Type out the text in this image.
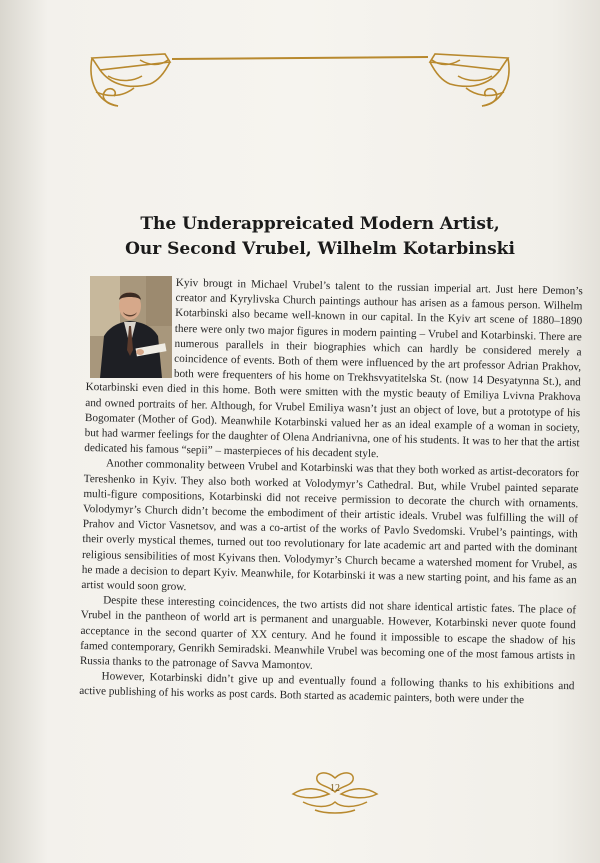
The Underappreicated Modern Artist,
Our Second Vrubel, Wilhelm Kotarbinski

Kyiv brougt in Michael Vrubel’s talent to the russian imperial art. Just here Demon’s creator and Kyrylivska Church paintings authour has arisen as a famous person. Wilhelm Kotarbinski also became well-known in our capital. In the Kyiv art scene of 1880–1890 there were only two major figures in modern painting – Vrubel and Kotarbinski. There are numerous parallels in their biographies which can hardly be considered merely a coincidence of events. Both of them were influenced by the art professor Adrian Prakhov, both were frequenters of his home on Trekhsvyatitelska St. (now 14 Desyatynna St.), and Kotarbinski even died in this home. Both were smitten with the mystic beauty of Emiliya Lvivna Prakhova and owned portraits of her. Although, for Vrubel Emiliya wasn’t just an object of love, but a prototype of his Bogomater (Mother of God). Meanwhile Kotarbinski valued her as an ideal example of a woman in society, but had warmer feelings for the daughter of Olena Andrianivna, one of his students. It was to her that the artist dedicated his famous “sepii” – masterpieces of his decadent style.

Another commonality between Vrubel and Kotarbinski was that they both worked as artist-decorators for Tereshenko in Kyiv. They also both worked at Volodymyr’s Cathedral. But, while Vrubel painted separate multi-figure compositions, Kotarbinski did not receive permission to decorate the church with ornaments. Volodymyr’s Church didn’t become the embodiment of their artistic ideals. Vrubel was fulfilling the will of Prahov and Victor Vasnetsov, and was a co-artist of the works of Pavlo Svedomski. Vrubel’s paintings, with their overly mystical themes, turned out too revolutionary for late academic art and parted with the dominant religious sensibilities of most Kyivans then. Volodymyr’s Church became a watershed moment for Vrubel, as he made a decision to depart Kyiv. Meanwhile, for Kotarbinski it was a new starting point, and his fame as an artist would soon grow.

Despite these interesting coincidences, the two artists did not share identical artistic fates. The place of Vrubel in the pantheon of world art is permanent and unarguable. However, Kotarbinski never quote found acceptance in the second quarter of XX century. And he found it impossible to escape the shadow of his famed contemporary, Genrikh Semiradski. Meanwhile Vrubel was becoming one of the most famous artists in Russia thanks to the patronage of Savva Mamontov.

However, Kotarbinski didn’t give up and eventually found a following thanks to his exhibitions and active publishing of his works as post cards. Both started as academic painters, both were under the

12
